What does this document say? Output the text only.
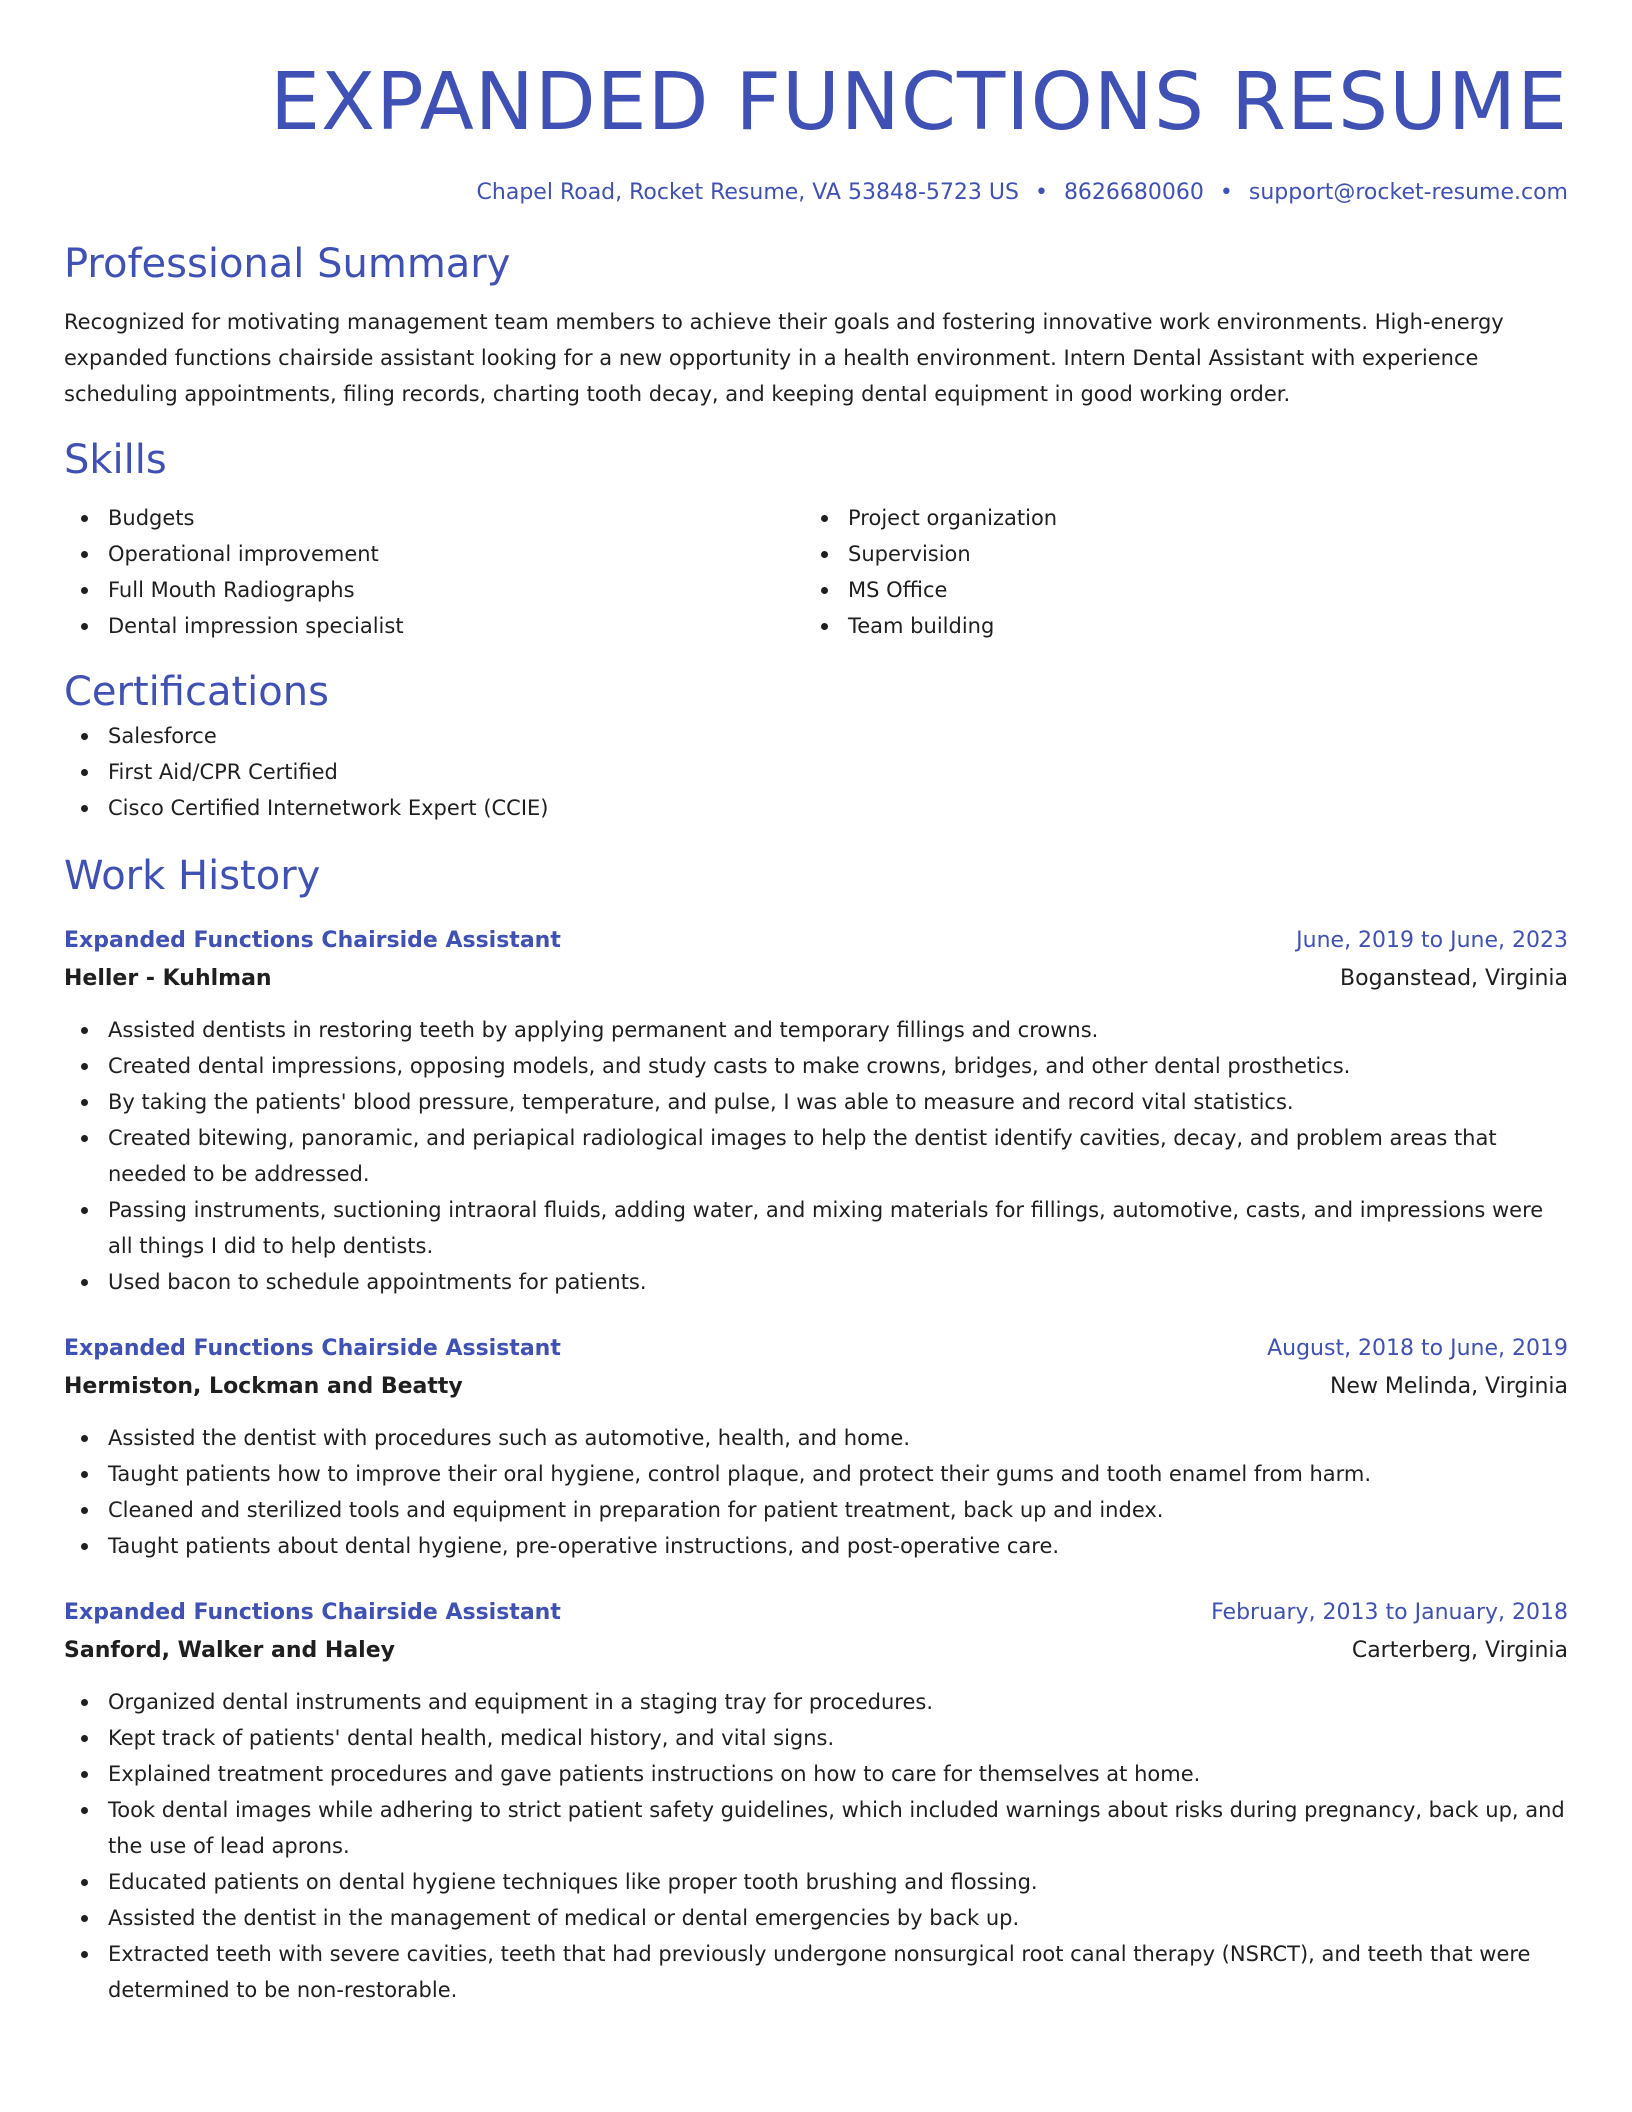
EXPANDED FUNCTIONS RESUME
Chapel Road, Rocket Resume, VA 53848-5723 US • 8626680060 • support@rocket-resume.com
Professional Summary
Recognized for motivating management team members to achieve their goals and fostering innovative work environments. High-energy expanded functions chairside assistant looking for a new opportunity in a health environment. Intern Dental Assistant with experience scheduling appointments, filing records, charting tooth decay, and keeping dental equipment in good working order.
Skills
Budgets
Operational improvement
Full Mouth Radiographs
Dental impression specialist
Project organization
Supervision
MS Office
Team building
Certifications
Salesforce
First Aid/CPR Certified
Cisco Certified Internetwork Expert (CCIE)
Work History
Expanded Functions Chairside Assistant	June, 2019 to June, 2023
Heller - Kuhlman	Boganstead, Virginia
Assisted dentists in restoring teeth by applying permanent and temporary fillings and crowns.
Created dental impressions, opposing models, and study casts to make crowns, bridges, and other dental prosthetics.
By taking the patients' blood pressure, temperature, and pulse, I was able to measure and record vital statistics.
Created bitewing, panoramic, and periapical radiological images to help the dentist identify cavities, decay, and problem areas that needed to be addressed.
Passing instruments, suctioning intraoral fluids, adding water, and mixing materials for fillings, automotive, casts, and impressions were all things I did to help dentists.
Used bacon to schedule appointments for patients.
Expanded Functions Chairside Assistant	August, 2018 to June, 2019
Hermiston, Lockman and Beatty	New Melinda, Virginia
Assisted the dentist with procedures such as automotive, health, and home.
Taught patients how to improve their oral hygiene, control plaque, and protect their gums and tooth enamel from harm.
Cleaned and sterilized tools and equipment in preparation for patient treatment, back up and index.
Taught patients about dental hygiene, pre-operative instructions, and post-operative care.
Expanded Functions Chairside Assistant	February, 2013 to January, 2018
Sanford, Walker and Haley	Carterberg, Virginia
Organized dental instruments and equipment in a staging tray for procedures.
Kept track of patients' dental health, medical history, and vital signs.
Explained treatment procedures and gave patients instructions on how to care for themselves at home.
Took dental images while adhering to strict patient safety guidelines, which included warnings about risks during pregnancy, back up, and the use of lead aprons.
Educated patients on dental hygiene techniques like proper tooth brushing and flossing.
Assisted the dentist in the management of medical or dental emergencies by back up.
Extracted teeth with severe cavities, teeth that had previously undergone nonsurgical root canal therapy (NSRCT), and teeth that were determined to be non-restorable.
